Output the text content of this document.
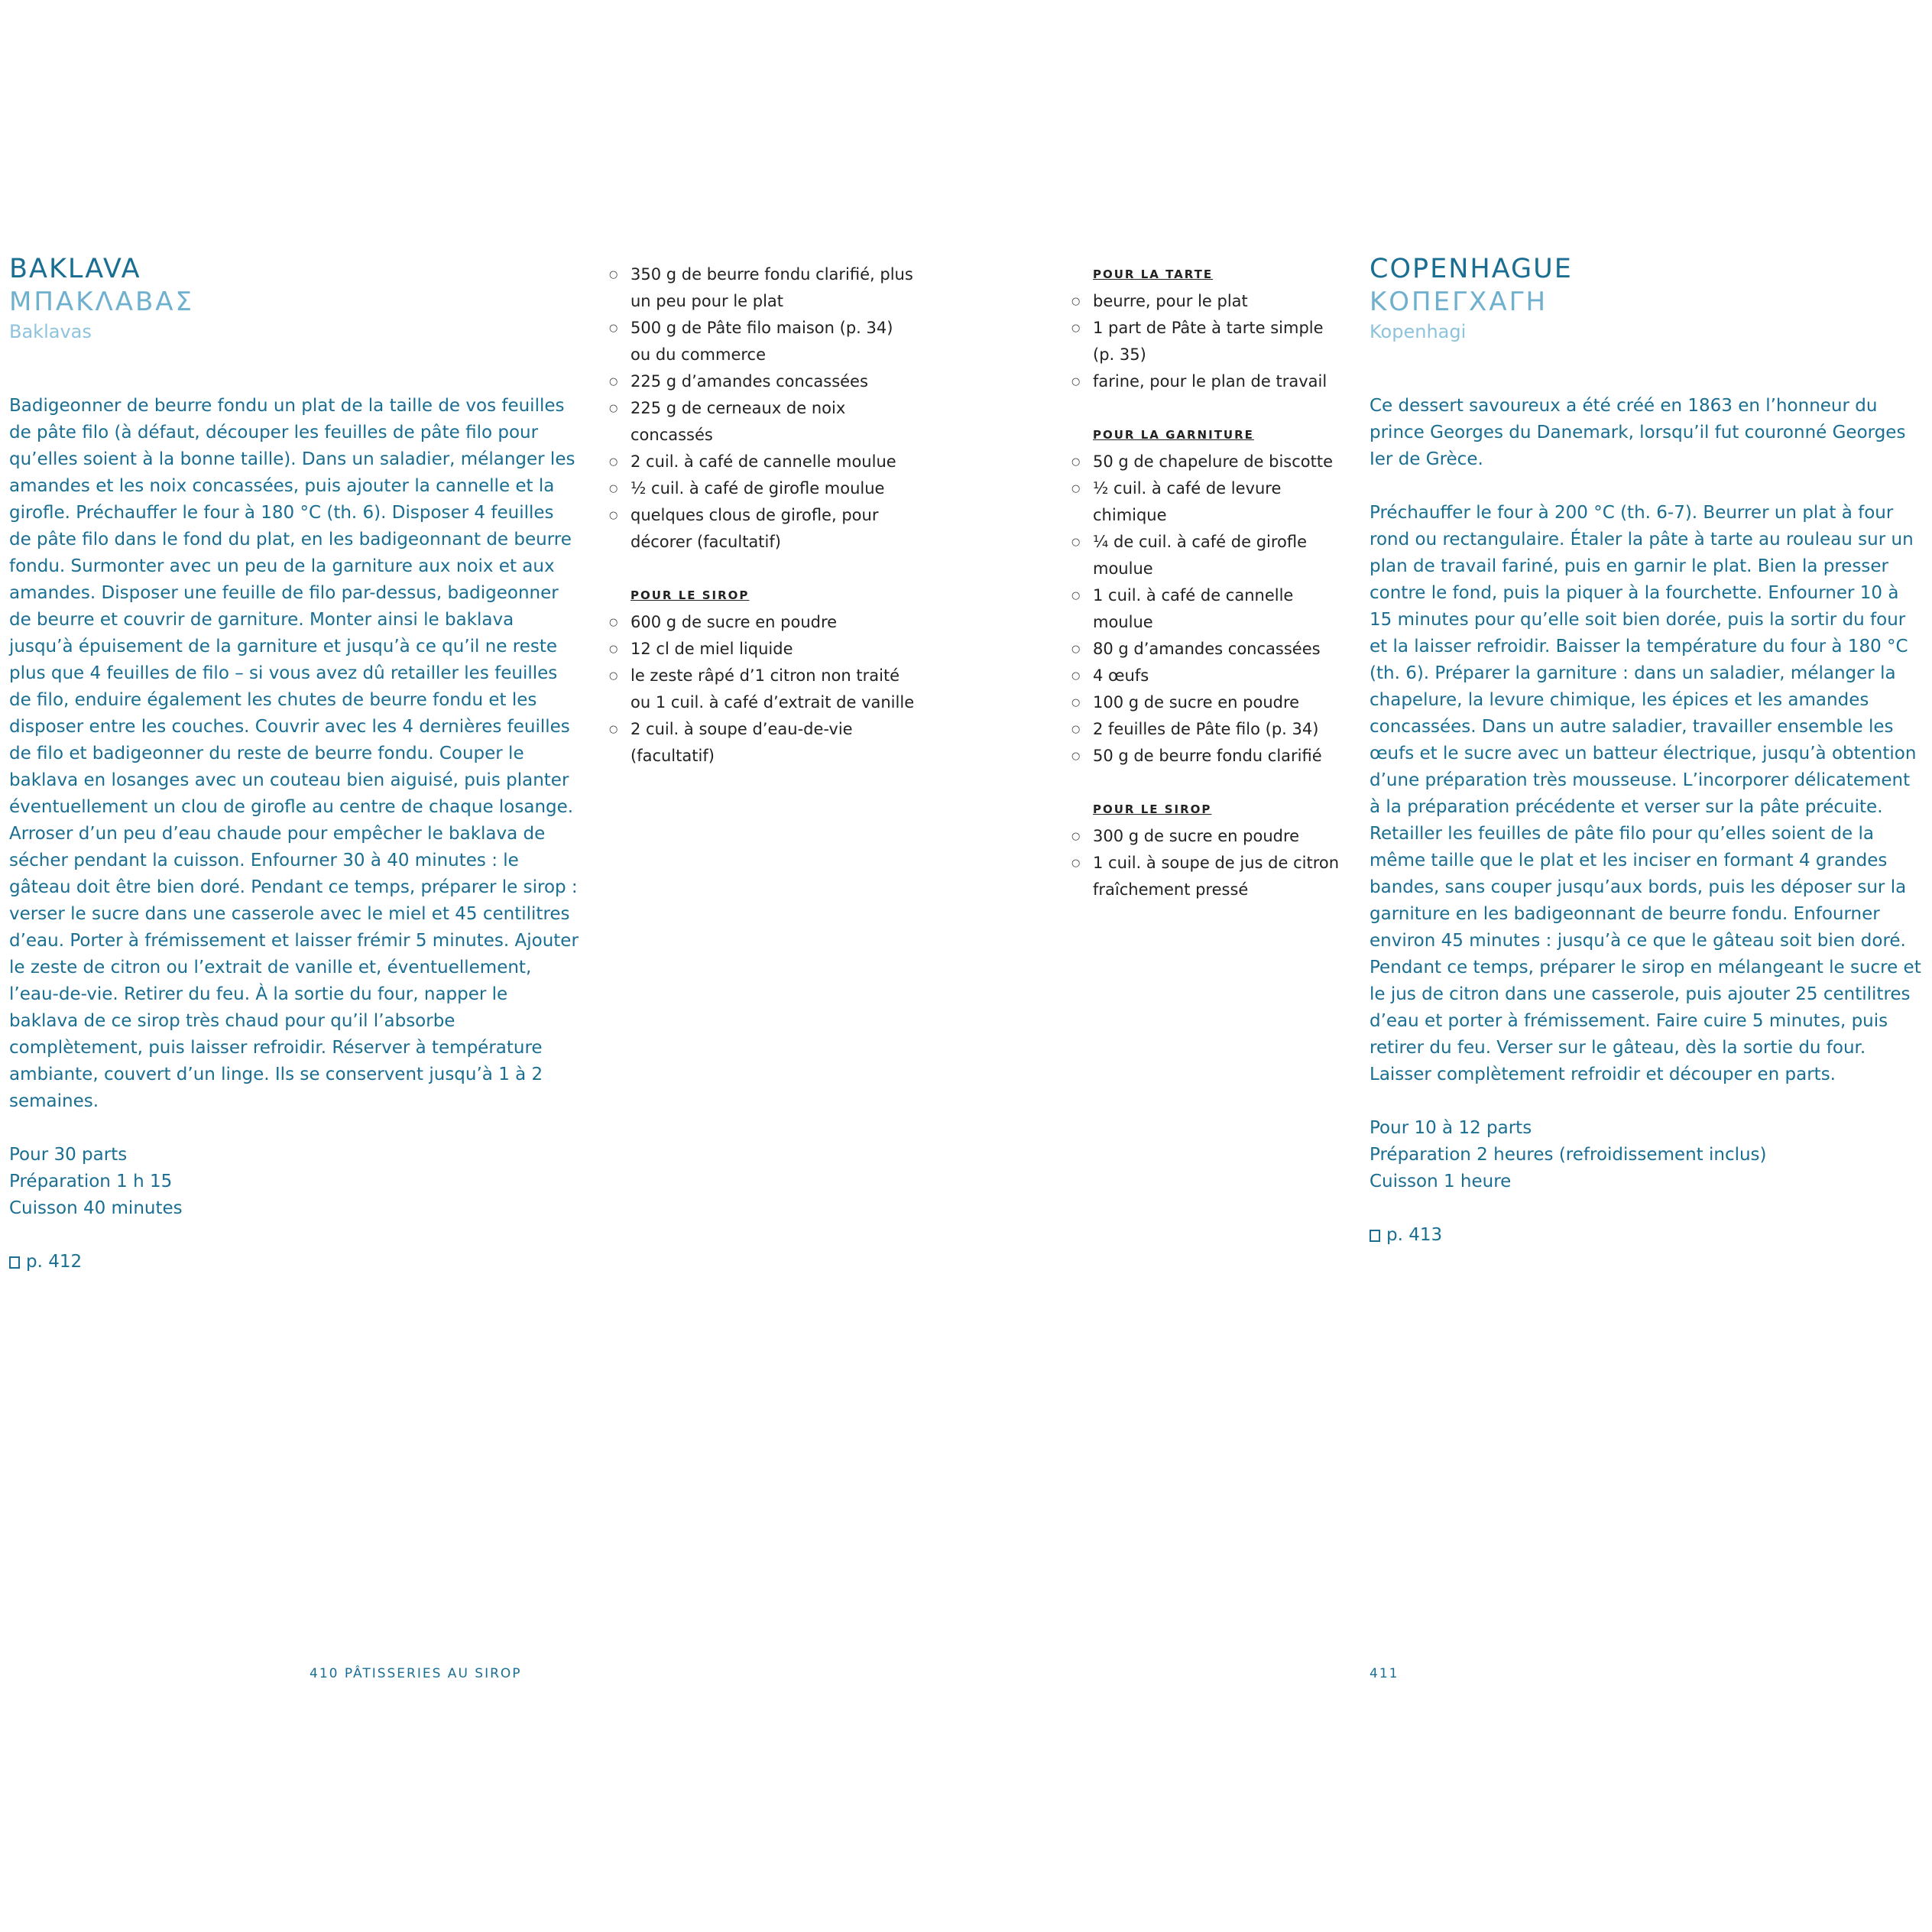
BAKLAVA
ΜΠΑΚΛΑΒΑΣ
Baklavas

Badigeonner de beurre fondu un plat de la taille de vos feuilles de pâte filo (à défaut, découper les feuilles de pâte filo pour qu’elles soient à la bonne taille). Dans un saladier, mélanger les amandes et les noix concassées, puis ajouter la cannelle et la girofle. Préchauffer le four à 180 °C (th. 6). Disposer 4 feuilles de pâte filo dans le fond du plat, en les badigeonnant de beurre fondu. Surmonter avec un peu de la garniture aux noix et aux amandes. Disposer une feuille de filo par-dessus, badigeonner de beurre et couvrir de garniture. Monter ainsi le baklava jusqu’à épuisement de la garniture et jusqu’à ce qu’il ne reste plus que 4 feuilles de filo – si vous avez dû retailler les feuilles de filo, enduire également les chutes de beurre fondu et les disposer entre les couches. Couvrir avec les 4 dernières feuilles de filo et badigeonner du reste de beurre fondu. Couper le baklava en losanges avec un couteau bien aiguisé, puis planter éventuellement un clou de girofle au centre de chaque losange. Arroser d’un peu d’eau chaude pour empêcher le baklava de sécher pendant la cuisson. Enfourner 30 à 40 minutes : le gâteau doit être bien doré. Pendant ce temps, préparer le sirop : verser le sucre dans une casserole avec le miel et 45 centilitres d’eau. Porter à frémissement et laisser frémir 5 minutes. Ajouter le zeste de citron ou l’extrait de vanille et, éventuellement, l’eau-de-vie. Retirer du feu. À la sortie du four, napper le baklava de ce sirop très chaud pour qu’il l’absorbe complètement, puis laisser refroidir. Réserver à température ambiante, couvert d’un linge. Ils se conservent jusqu’à 1 à 2 semaines.

Pour 30 parts
Préparation 1 h 15
Cuisson 40 minutes
p. 412
○ 350 g de beurre fondu clarifié, plus un peu pour le plat
○ 500 g de Pâte filo maison (p. 34) ou du commerce
○ 225 g d’amandes concassées
○ 225 g de cerneaux de noix concassés
○ 2 cuil. à café de cannelle moulue
○ ½ cuil. à café de girofle moulue
○ quelques clous de girofle, pour décorer (facultatif)
POUR LE SIROP
○ 600 g de sucre en poudre
○ 12 cl de miel liquide
○ le zeste râpé d’1 citron non traité ou 1 cuil. à café d’extrait de vanille
○ 2 cuil. à soupe d’eau-de-vie (facultatif)
POUR LA TARTE
○ beurre, pour le plat
○ 1 part de Pâte à tarte simple (p. 35)
○ farine, pour le plan de travail
POUR LA GARNITURE
○ 50 g de chapelure de biscotte
○ ½ cuil. à café de levure chimique
○ ¼ de cuil. à café de girofle moulue
○ 1 cuil. à café de cannelle moulue
○ 80 g d’amandes concassées
○ 4 œufs
○ 100 g de sucre en poudre
○ 2 feuilles de Pâte filo (p. 34)
○ 50 g de beurre fondu clarifié
POUR LE SIROP
○ 300 g de sucre en poudre
○ 1 cuil. à soupe de jus de citron fraîchement pressé
COPENHAGUE
ΚΟΠΕΓΧΑΓΗ
Kopenhagi

Ce dessert savoureux a été créé en 1863 en l’honneur du prince Georges du Danemark, lorsqu’il fut couronné Georges Ier de Grèce.

Préchauffer le four à 200 °C (th. 6-7). Beurrer un plat à four rond ou rectangulaire. Étaler la pâte à tarte au rouleau sur un plan de travail fariné, puis en garnir le plat. Bien la presser contre le fond, puis la piquer à la fourchette. Enfourner 10 à 15 minutes pour qu’elle soit bien dorée, puis la sortir du four et la laisser refroidir. Baisser la température du four à 180 °C (th. 6). Préparer la garniture : dans un saladier, mélanger la chapelure, la levure chimique, les épices et les amandes concassées. Dans un autre saladier, travailler ensemble les œufs et le sucre avec un batteur électrique, jusqu’à obtention d’une préparation très mousseuse. L’incorporer délicatement à la préparation précédente et verser sur la pâte précuite. Retailler les feuilles de pâte filo pour qu’elles soient de la même taille que le plat et les inciser en formant 4 grandes bandes, sans couper jusqu’aux bords, puis les déposer sur la garniture en les badigeonnant de beurre fondu. Enfourner environ 45 minutes : jusqu’à ce que le gâteau soit bien doré. Pendant ce temps, préparer le sirop en mélangeant le sucre et le jus de citron dans une casserole, puis ajouter 25 centilitres d’eau et porter à frémissement. Faire cuire 5 minutes, puis retirer du feu. Verser sur le gâteau, dès la sortie du four. Laisser complètement refroidir et découper en parts.

Pour 10 à 12 parts
Préparation 2 heures (refroidissement inclus)
Cuisson 1 heure
p. 413
410 PÂTISSERIES AU SIROP	411
